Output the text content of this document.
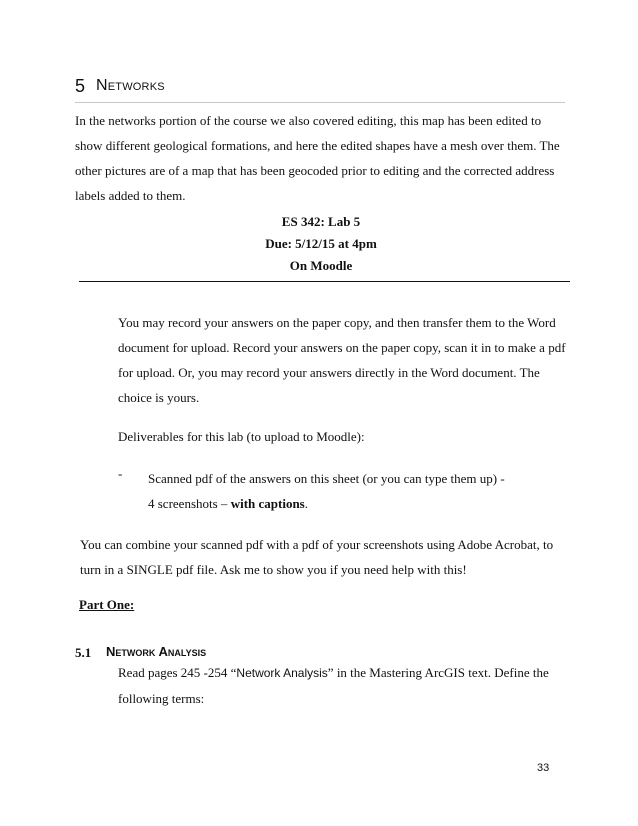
5 Networks
In the networks portion of the course we also covered editing, this map has been edited to show different geological formations, and here the edited shapes have a mesh over them. The other pictures are of a map that has been geocoded prior to editing and the corrected address labels added to them.
ES 342: Lab 5
Due: 5/12/15 at 4pm
On Moodle
You may record your answers on the paper copy, and then transfer them to the Word document for upload. Record your answers on the paper copy, scan it in to make a pdf for upload. Or, you may record your answers directly in the Word document. The choice is yours.
Deliverables for this lab (to upload to Moodle):
- Scanned pdf of the answers on this sheet (or you can type them up) -
4 screenshots – with captions.
You can combine your scanned pdf with a pdf of your screenshots using Adobe Acrobat, to turn in a SINGLE pdf file. Ask me to show you if you need help with this!
Part One:
5.1 Network Analysis
Read pages 245 -254 “Network Analysis” in the Mastering ArcGIS text. Define the following terms:
33
